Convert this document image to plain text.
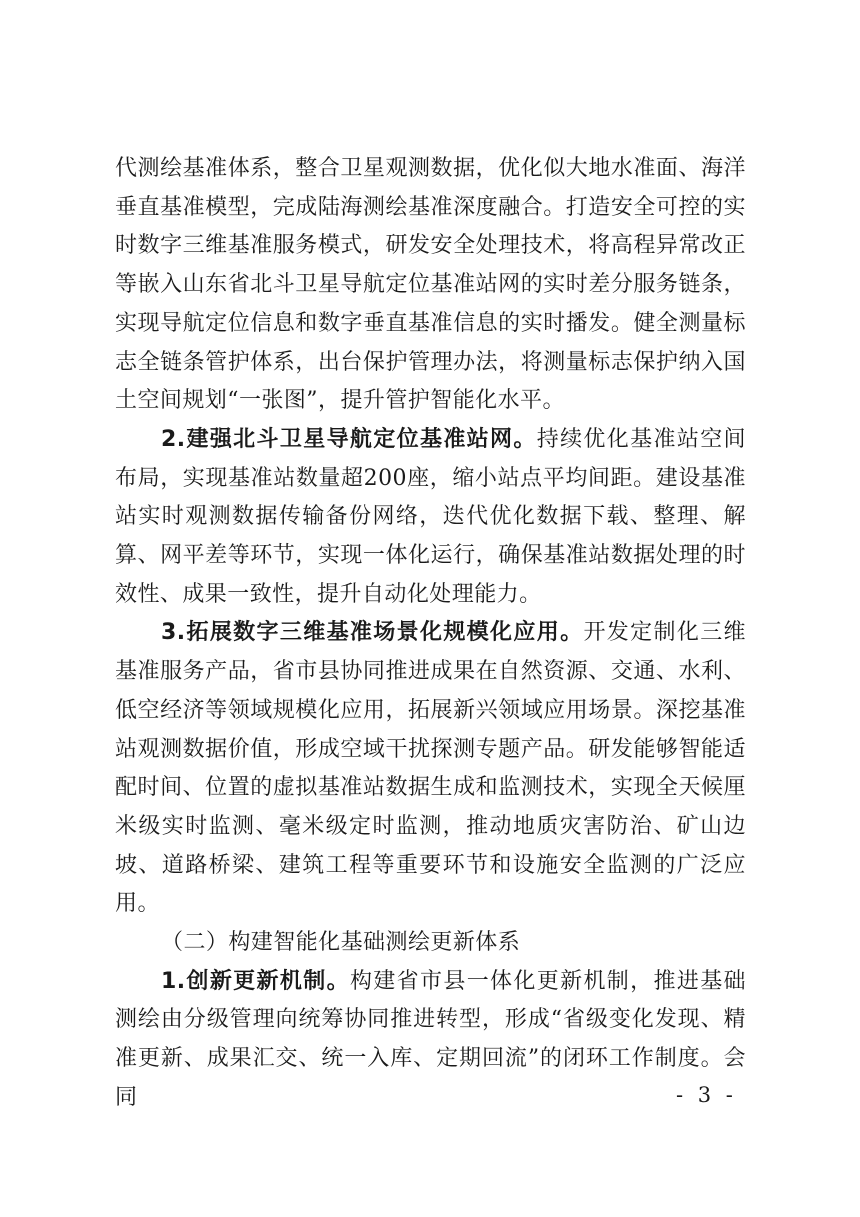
代测绘基准体系，整合卫星观测数据，优化似大地水准面、海洋垂直基准模型，完成陆海测绘基准深度融合。打造安全可控的实时数字三维基准服务模式，研发安全处理技术，将高程异常改正等嵌入山东省北斗卫星导航定位基准站网的实时差分服务链条，实现导航定位信息和数字垂直基准信息的实时播发。健全测量标志全链条管护体系，出台保护管理办法，将测量标志保护纳入国土空间规划“一张图”，提升管护智能化水平。

2.建强北斗卫星导航定位基准站网。持续优化基准站空间布局，实现基准站数量超200座，缩小站点平均间距。建设基准站实时观测数据传输备份网络，迭代优化数据下载、整理、解算、网平差等环节，实现一体化运行，确保基准站数据处理的时效性、成果一致性，提升自动化处理能力。

3.拓展数字三维基准场景化规模化应用。开发定制化三维基准服务产品，省市县协同推进成果在自然资源、交通、水利、低空经济等领域规模化应用，拓展新兴领域应用场景。深挖基准站观测数据价值，形成空域干扰探测专题产品。研发能够智能适配时间、位置的虚拟基准站数据生成和监测技术，实现全天候厘米级实时监测、毫米级定时监测，推动地质灾害防治、矿山边坡、道路桥梁、建筑工程等重要环节和设施安全监测的广泛应用。

（二）构建智能化基础测绘更新体系

1.创新更新机制。构建省市县一体化更新机制，推进基础测绘由分级管理向统筹协同推进转型，形成“省级变化发现、精准更新、成果汇交、统一入库、定期回流”的闭环工作制度。会同	- 3 -
